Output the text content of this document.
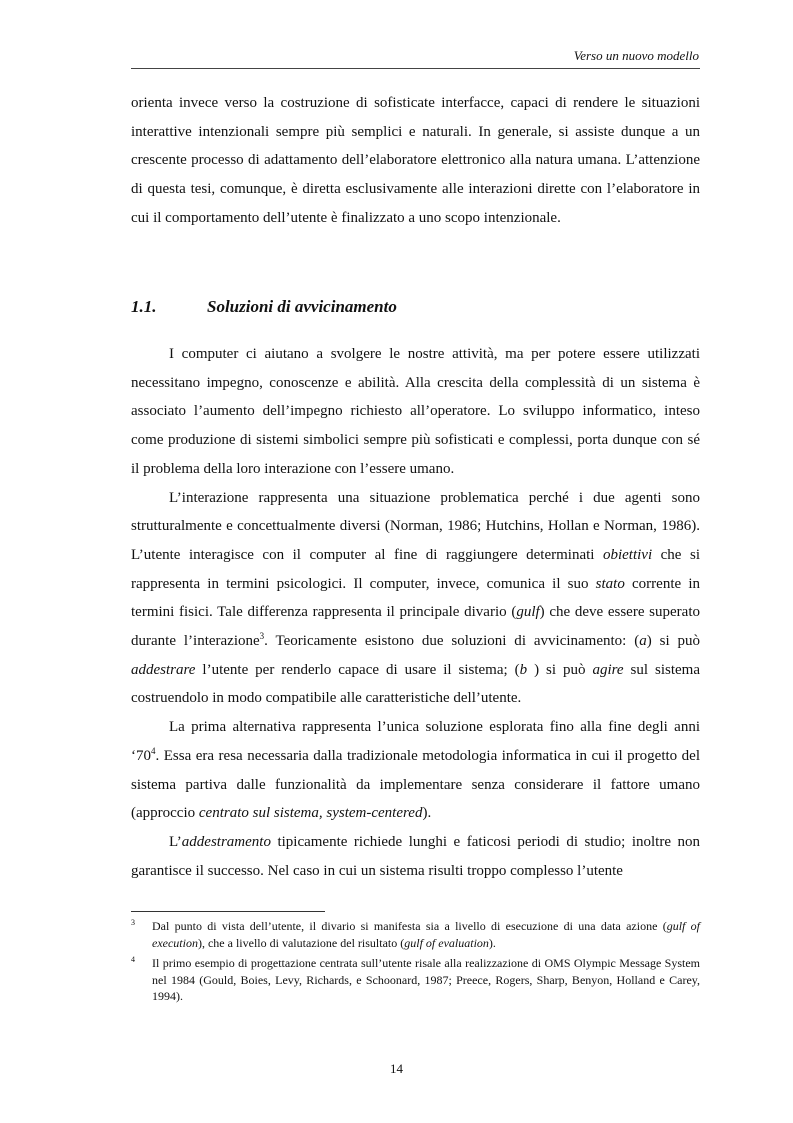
Verso un nuovo modello

orienta invece verso la costruzione di sofisticate interfacce, capaci di rendere le situazioni interattive intenzionali sempre più semplici e naturali. In generale, si assiste dunque a un crescente processo di adattamento dell’elaboratore elettronico alla natura umana. L’attenzione di questa tesi, comunque, è diretta esclusivamente alle interazioni dirette con l’elaboratore in cui il comportamento dell’utente è finalizzato a uno scopo intenzionale.

1.1.	Soluzioni di avvicinamento

I computer ci aiutano a svolgere le nostre attività, ma per potere essere utilizzati necessitano impegno, conoscenze e abilità. Alla crescita della complessità di un sistema è associato l’aumento dell’impegno richiesto all’operatore. Lo sviluppo informatico, inteso come produzione di sistemi simbolici sempre più sofisticati e complessi, porta dunque con sé il problema della loro interazione con l’essere umano.

L’interazione rappresenta una situazione problematica perché i due agenti sono strutturalmente e concettualmente diversi (Norman, 1986; Hutchins, Hollan e Norman, 1986). L’utente interagisce con il computer al fine di raggiungere determinati obiettivi che si rappresenta in termini psicologici. Il computer, invece, comunica il suo stato corrente in termini fisici. Tale differenza rappresenta il principale divario (gulf) che deve essere superato durante l’interazione$^3$. Teoricamente esistono due soluzioni di avvicinamento: (a) si può addestrare l’utente per renderlo capace di usare il sistema; (b ) si può agire sul sistema costruendolo in modo compatibile alle caratteristiche dell’utente.

La prima alternativa rappresenta l’unica soluzione esplorata fino alla fine degli anni ‘$70^4$. Essa era resa necessaria dalla tradizionale metodologia informatica in cui il progetto del sistema partiva dalle funzionalità da implementare senza considerare il fattore umano (approccio centrato sul sistema, system-centered).

L’addestramento tipicamente richiede lunghi e faticosi periodi di studio; inoltre non garantisce il successo. Nel caso in cui un sistema risulti troppo complesso l’utente

3 Dal punto di vista dell’utente, il divario si manifesta sia a livello di esecuzione di una data azione (gulf of execution), che a livello di valutazione del risultato (gulf of evaluation).
4 Il primo esempio di progettazione centrata sull’utente risale alla realizzazione di OMS Olympic Message System nel 1984 (Gould, Boies, Levy, Richards, e Schoonard, 1987; Preece, Rogers, Sharp, Benyon, Holland e Carey, 1994).
14
